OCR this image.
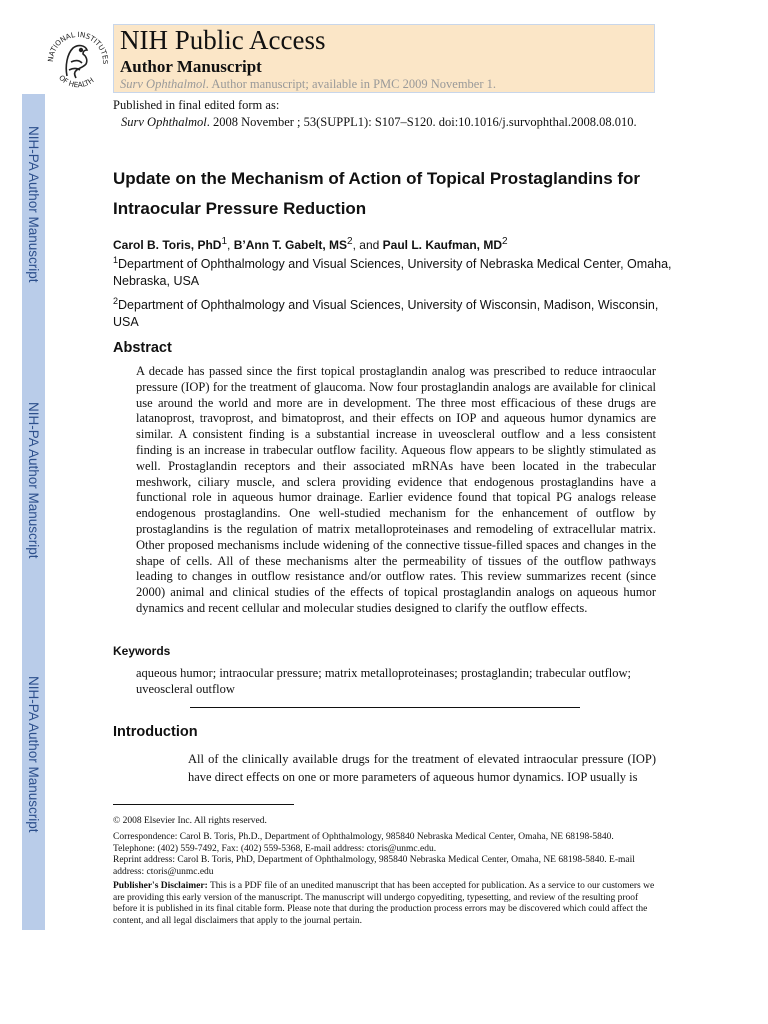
NIH-PA Author Manuscript
NIH-PA Author Manuscript
NIH-PA Author Manuscript
NATIONAL INSTITUTES
OF HEALTH
NIH Public Access
Author Manuscript
Surv Ophthalmol. Author manuscript; available in PMC 2009 November 1.
Published in final edited form as:
Surv Ophthalmol. 2008 November ; 53(SUPPL1): S107–S120. doi:10.1016/j.survophthal.2008.08.010.
Update on the Mechanism of Action of Topical Prostaglandins for Intraocular Pressure Reduction
Carol B. Toris, PhD$^1$, B’Ann T. Gabelt, $MS^2$, and Paul L. Kaufman, $MD^2$
$^1$Department of Ophthalmology and Visual Sciences, University of Nebraska Medical Center, Omaha, Nebraska, USA
$^2$Department of Ophthalmology and Visual Sciences, University of Wisconsin, Madison, Wisconsin, USA
Abstract
A decade has passed since the first topical prostaglandin analog was prescribed to reduce intraocular pressure (IOP) for the treatment of glaucoma. Now four prostaglandin analogs are available for clinical use around the world and more are in development. The three most efficacious of these drugs are latanoprost, travoprost, and bimatoprost, and their effects on IOP and aqueous humor dynamics are similar. A consistent finding is a substantial increase in uveoscleral outflow and a less consistent finding is an increase in trabecular outflow facility. Aqueous flow appears to be slightly stimulated as well. Prostaglandin receptors and their associated mRNAs have been located in the trabecular meshwork, ciliary muscle, and sclera providing evidence that endogenous prostaglandins have a functional role in aqueous humor drainage. Earlier evidence found that topical PG analogs release endogenous prostaglandins. One well-studied mechanism for the enhancement of outflow by prostaglandins is the regulation of matrix metalloproteinases and remodeling of extracellular matrix. Other proposed mechanisms include widening of the connective tissue-filled spaces and changes in the shape of cells. All of these mechanisms alter the permeability of tissues of the outflow pathways leading to changes in outflow resistance and/or outflow rates. This review summarizes recent (since 2000) animal and clinical studies of the effects of topical prostaglandin analogs on aqueous humor dynamics and recent cellular and molecular studies designed to clarify the outflow effects.
Keywords
aqueous humor; intraocular pressure; matrix metalloproteinases; prostaglandin; trabecular outflow; uveoscleral outflow
Introduction
All of the clinically available drugs for the treatment of elevated intraocular pressure (IOP) have direct effects on one or more parameters of aqueous humor dynamics. IOP usually is
© 2008 Elsevier Inc. All rights reserved.
Correspondence: Carol B. Toris, Ph.D., Department of Ophthalmology, 985840 Nebraska Medical Center, Omaha, NE 68198-5840. Telephone: (402) 559-7492, Fax: (402) 559-5368, E-mail address: ctoris@unmc.edu.
Reprint address: Carol B. Toris, PhD, Department of Ophthalmology, 985840 Nebraska Medical Center, Omaha, NE 68198-5840. E-mail address: ctoris@unmc.edu
Publisher's Disclaimer: This is a PDF file of an unedited manuscript that has been accepted for publication. As a service to our customers we are providing this early version of the manuscript. The manuscript will undergo copyediting, typesetting, and review of the resulting proof before it is published in its final citable form. Please note that during the production process errors may be discovered which could affect the content, and all legal disclaimers that apply to the journal pertain.
